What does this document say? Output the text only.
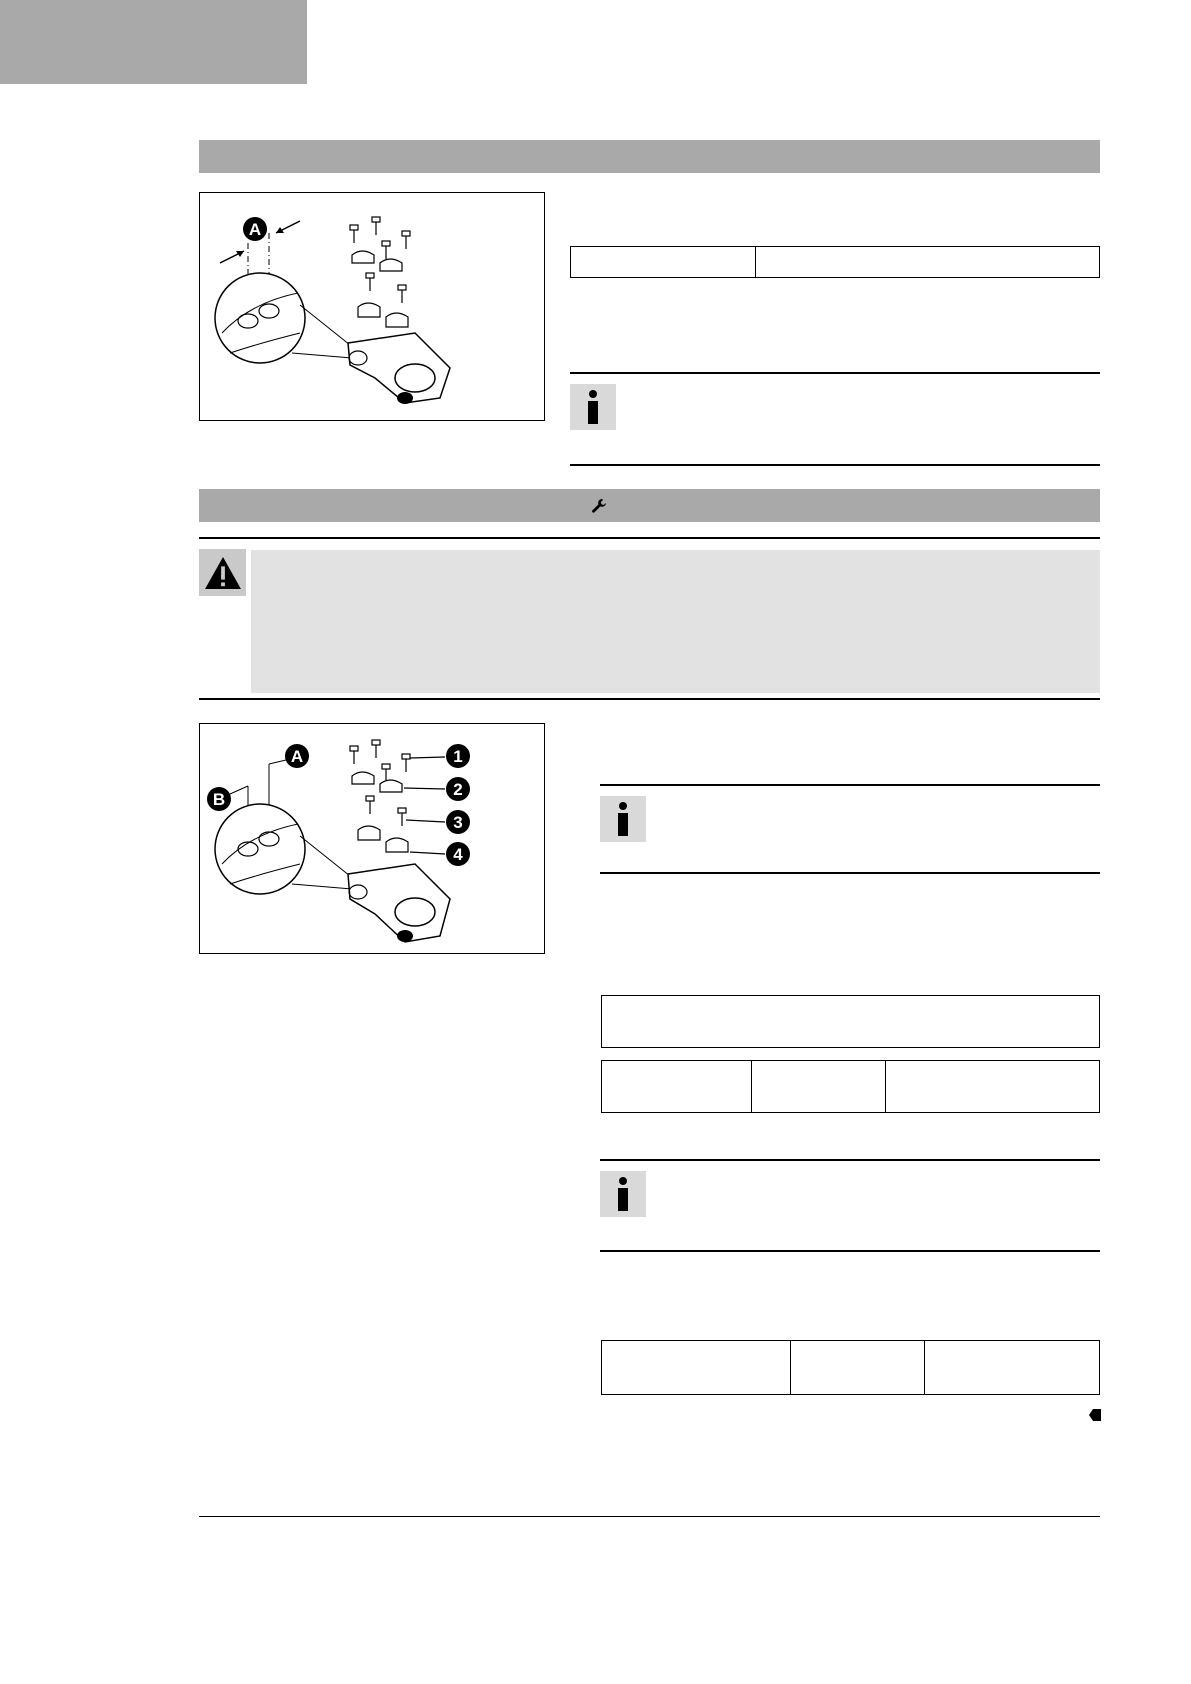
A
A
B
1
2
3
4
